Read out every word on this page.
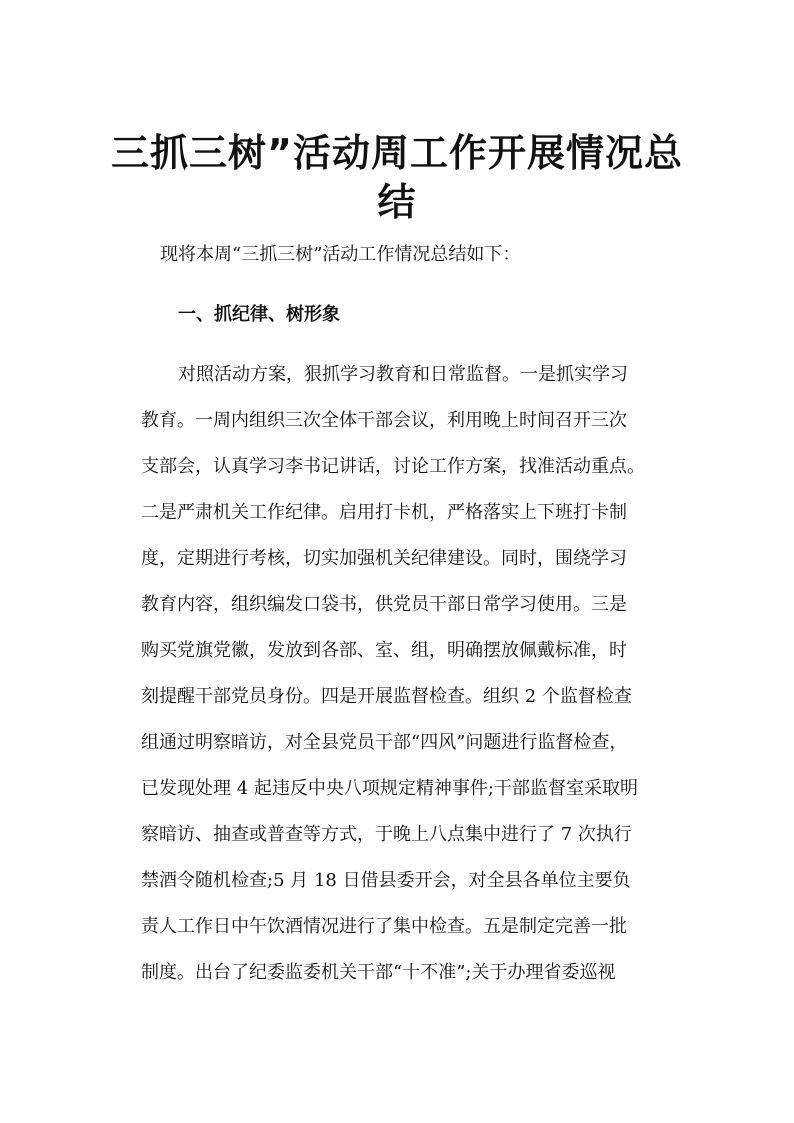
三抓三树”活动周工作开展情况总
结
现将本周“三抓三树”活动工作情况总结如下：
一、抓纪律、树形象
对照活动方案，狠抓学习教育和日常监督。一是抓实学习
教育。一周内组织三次全体干部会议，利用晚上时间召开三次
支部会，认真学习李书记讲话，讨论工作方案，找准活动重点。
二是严肃机关工作纪律。启用打卡机，严格落实上下班打卡制
度，定期进行考核，切实加强机关纪律建设。同时，围绕学习
教育内容，组织编发口袋书，供党员干部日常学习使用。三是
购买党旗党徽，发放到各部、室、组，明确摆放佩戴标准，时
刻提醒干部党员身份。四是开展监督检查。组织 2 个监督检查
组通过明察暗访，对全县党员干部“四风”问题进行监督检查，
已发现处理 4 起违反中央八项规定精神事件;干部监督室采取明
察暗访、抽查或普查等方式，于晚上八点集中进行了 7 次执行
禁酒令随机检查;5 月 18 日借县委开会，对全县各单位主要负
责人工作日中午饮酒情况进行了集中检查。五是制定完善一批
制度。出台了纪委监委机关干部“十不准”;关于办理省委巡视
